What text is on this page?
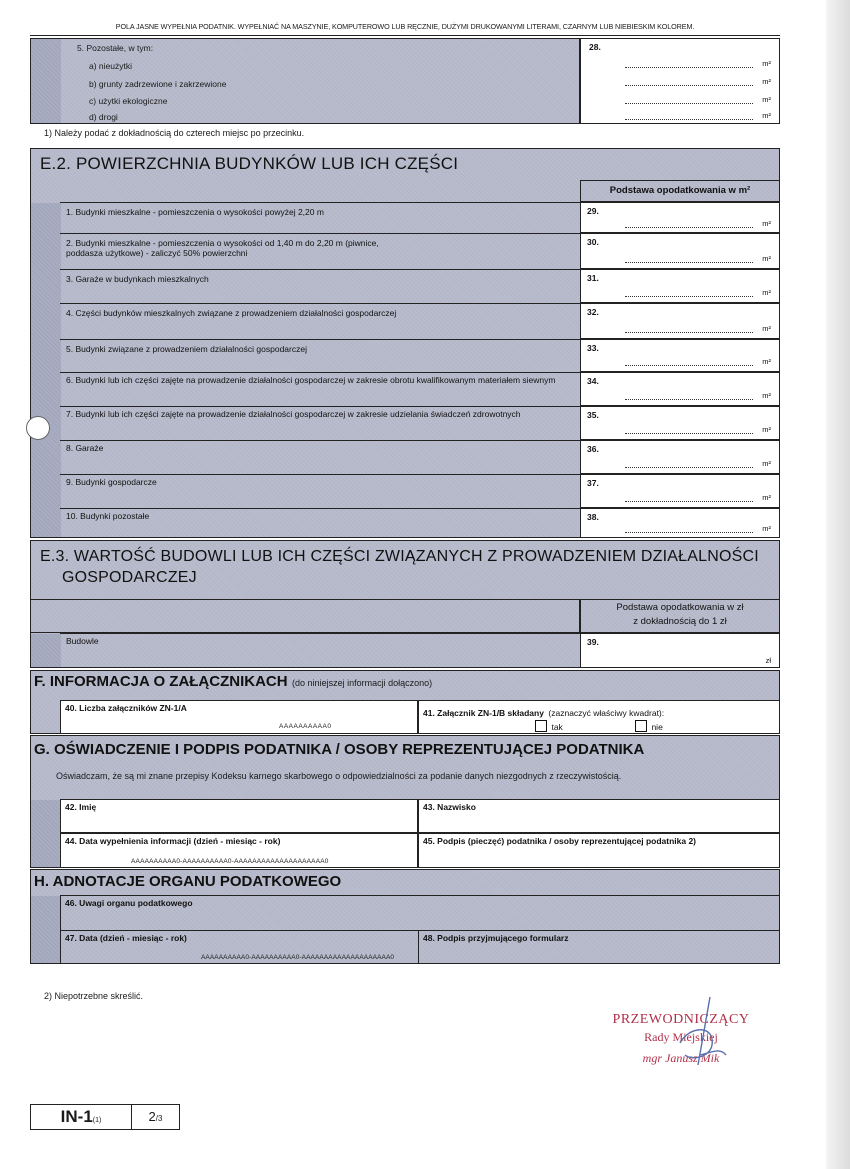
POLA JASNE WYPEŁNIA PODATNIK. WYPEŁNIAĆ NA MASZYNIE, KOMPUTEROWO LUB RĘCZNIE, DUŻYMI DRUKOWANYMI LITERAMI, CZARNYM LUB NIEBIESKIM KOLOREM.
5. Pozostałe, w tym:
a) nieużytki
b) grunty zadrzewione i zakrzewione
c) użytki ekologiczne
d) drogi
28.
m²
m²
m²
m²
1) Należy podać z dokładnością do czterech miejsc po przecinku.
E.2. POWIERZCHNIA BUDYNKÓW LUB ICH CZĘŚCI
Podstawa opodatkowania w m²
1. Budynki mieszkalne - pomieszczenia o wysokości powyżej 2,20 m	29.
m²
2. Budynki mieszkalne - pomieszczenia o wysokości od 1,40 m do 2,20 m (piwnice, poddasza użytkowe) - zaliczyć 50% powierzchni
30.
m²
3. Garaże w budynkach mieszkalnych	31.
m²
4. Części budynków mieszkalnych związane z prowadzeniem działalności gospodarczej	32.
m²
5. Budynki związane z prowadzeniem działalności gospodarczej	33.
m²
6. Budynki lub ich części zajęte na prowadzenie działalności gospodarczej w zakresie obrotu kwalifikowanym materiałem siewnym	34.
m²
7. Budynki lub ich części zajęte na prowadzenie działalności gospodarczej w zakresie udzielania świadczeń zdrowotnych	35.
m²
8. Garaże	36.
m²
9. Budynki gospodarcze	37.
m²
10. Budynki pozostałe	38.
m²
E.3. WARTOŚĆ BUDOWLI LUB ICH CZĘŚCI ZWIĄZANYCH Z PROWADZENIEM DZIAŁALNOŚCI
GOSPODARCZEJ
Podstawa opodatkowania w zł
z dokładnością do 1 zł
Budowle	39.
zł
F. INFORMACJA O ZAŁĄCZNIKACH (do niniejszej informacji dołączono)
40. Liczba załączników ZN-1/A
AAAAAAAAAA0
41. Załącznik ZN-1/B składany (zaznaczyć właściwy kwadrat):
tak	nie
G. OŚWIADCZENIE I PODPIS PODATNIKA / OSOBY REPREZENTUJĄCEJ PODATNIKA
Oświadczam, że są mi znane przepisy Kodeksu karnego skarbowego o odpowiedzialności za podanie danych niezgodnych z rzeczywistością.
42. Imię	43. Nazwisko
44. Data wypełnienia informacji (dzień - miesiąc - rok)
AAAAAAAAAA0-AAAAAAAAAA0-AAAAAAAAAAAAAAAAAAAA0
45. Podpis (pieczęć) podatnika / osoby reprezentującej podatnika 2)
H. ADNOTACJE ORGANU PODATKOWEGO
46. Uwagi organu podatkowego
47. Data (dzień - miesiąc - rok)
AAAAAAAAAA0-AAAAAAAAAA0-AAAAAAAAAAAAAAAAAAAA0
48. Podpis przyjmującego formularz
2) Niepotrzebne skreślić.
PRZEWODNICZĄCY
Rady Miejskiej
mgr Janusz Mik
IN-1(1)	2/3
